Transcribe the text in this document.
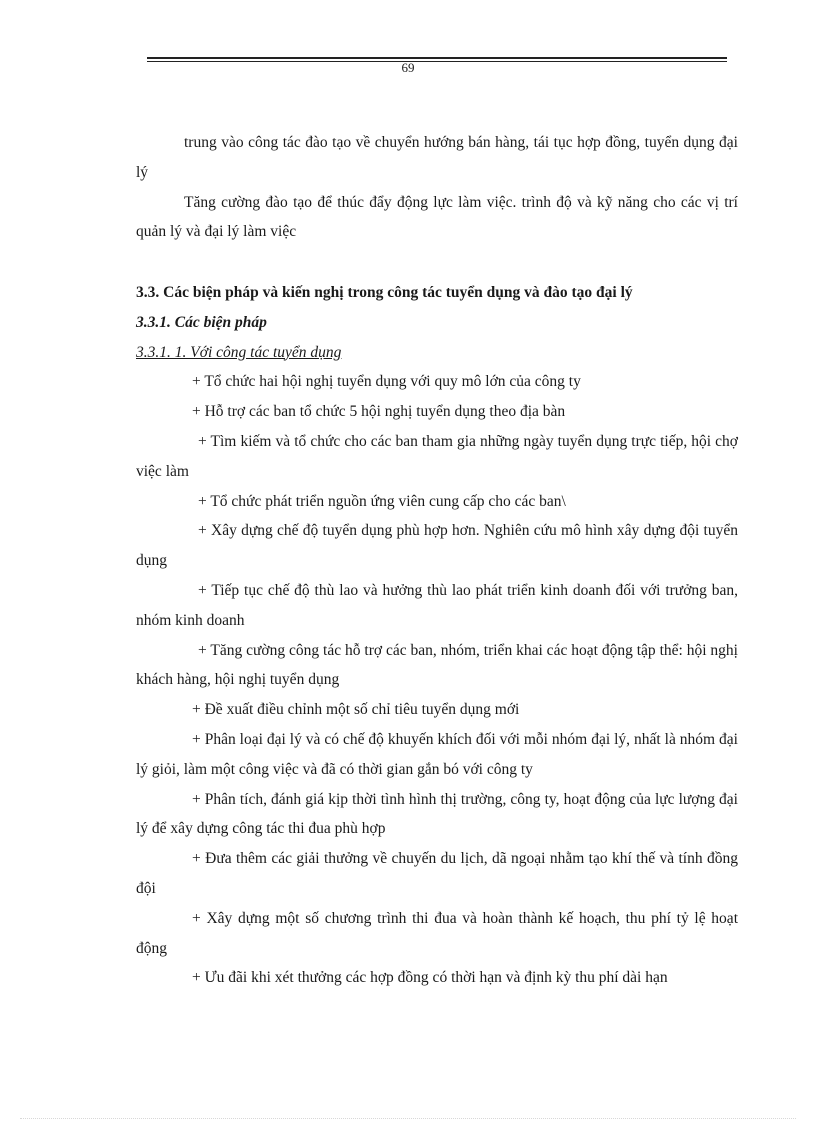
69

trung vào công tác đào tạo về chuyển hướng bán hàng, tái tục hợp đồng, tuyển dụng đại lý

Tăng cường đào tạo để thúc đẩy động lực làm việc. trình độ và kỹ năng cho các vị trí quản lý và đại lý làm việc

3.3. Các biện pháp và kiến nghị trong công tác tuyển dụng và đào tạo đại lý

3.3.1. Các biện pháp

3.3.1. 1. Với công tác tuyển dụng

+ Tổ chức hai hội nghị tuyển dụng với quy mô lớn của công ty

+ Hỗ trợ các ban tổ chức 5 hội nghị tuyển dụng theo địa bàn

+ Tìm kiếm và tổ chức cho các ban tham gia những ngày tuyển dụng trực tiếp, hội chợ việc làm

+ Tổ chức phát triển nguồn ứng viên cung cấp cho các ban\

+ Xây dựng chế độ tuyển dụng phù hợp hơn. Nghiên cứu mô hình xây dựng đội tuyển dụng

+ Tiếp tục chế độ thù lao và hưởng thù lao phát triển kinh doanh đối với trưởng ban, nhóm kinh doanh

+ Tăng cường công tác hỗ trợ các ban, nhóm, triển khai các hoạt động tập thể: hội nghị khách hàng, hội nghị tuyển dụng

+ Đề xuất điều chỉnh một số chỉ tiêu tuyển dụng mới

+ Phân loại đại lý và có chế độ khuyến khích đối với mỗi nhóm đại lý, nhất là nhóm đại lý giỏi, làm một công việc và đã có thời gian gắn bó với công ty

+ Phân tích, đánh giá kịp thời tình hình thị trường, công ty, hoạt động của lực lượng đại lý để xây dựng công tác thi đua phù hợp

+ Đưa thêm các giải thưởng về chuyến du lịch, dã ngoại nhằm tạo khí thế và tính đồng đội

+ Xây dựng một số chương trình thi đua và hoàn thành kế hoạch, thu phí tỷ lệ hoạt động

+ Ưu đãi khi xét thưởng các hợp đồng có thời hạn và định kỳ thu phí dài hạn
